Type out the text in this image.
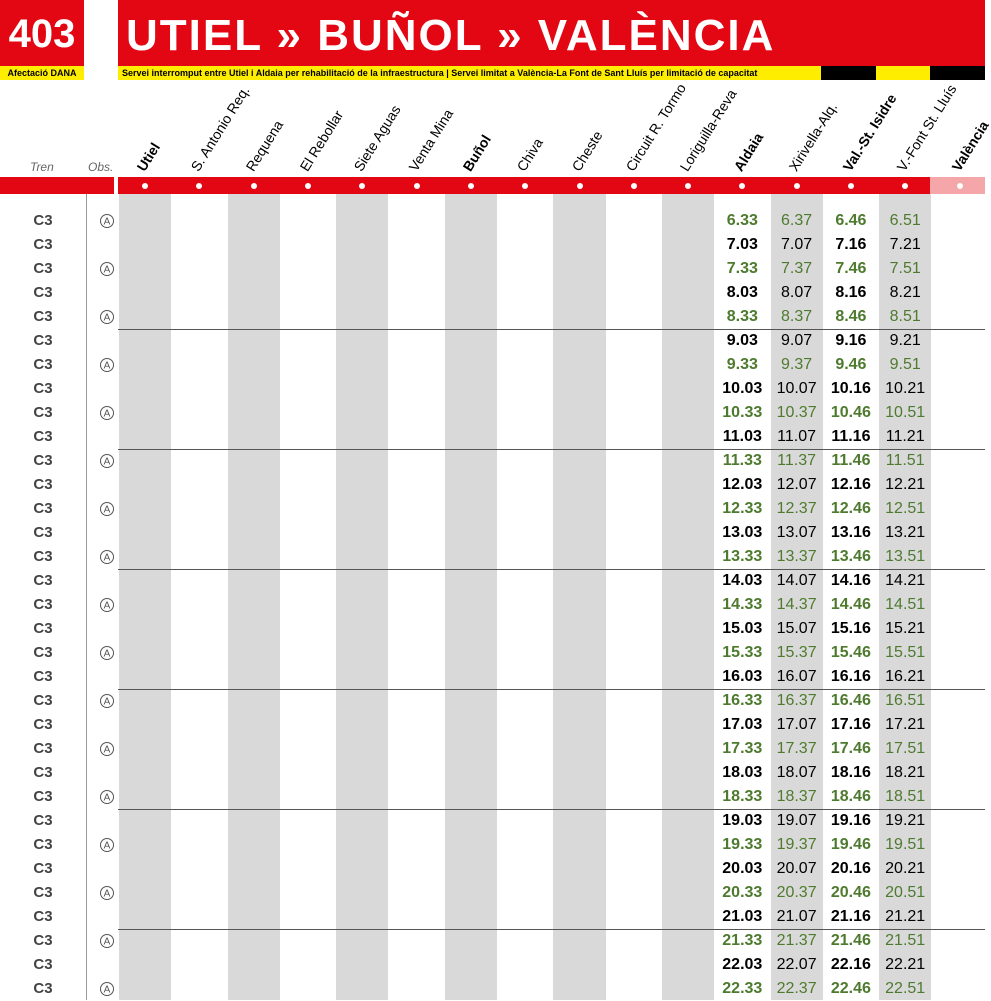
403
Afectació DANA
UTIEL » BUÑOL » VALÈNCIA
Servei interromput entre Utiel i Aldaia per rehabilitació de la infraestructura | Servei limitat a València-La Font de Sant Lluís per limitació de capacitat
Tren	Obs. Utiel S. Antonio Req.
Requena El Rebollar Siete Aguas Venta Mina Buñol Chiva Cheste Circuit R. Tormo
Loriguilla-Reva
Aldaia Xirivella-Alq. Val.-St. Isidre
V.-Font St. Lluís
València
C3	A	6.33	6.37	6.46	6.51
C3	7.03	7.07	7.16	7.21
C3	A	7.33	7.37	7.46	7.51
C3	8.03	8.07	8.16	8.21
C3	A	8.33	8.37	8.46	8.51
C3	9.03	9.07	9.16	9.21
C3	A	9.33	9.37	9.46	9.51
C3	10.03 10.07 10.16 10.21
C3	A	10.33 10.37 10.46 10.51
C3	11.03 11.07 11.16 11.21
C3	A	11.33 11.37 11.46 11.51
C3	12.03 12.07 12.16 12.21
C3	A	12.33 12.37 12.46 12.51
C3	13.03 13.07 13.16 13.21
C3	A	13.33 13.37 13.46 13.51
C3	14.03 14.07 14.16 14.21
C3	A	14.33 14.37 14.46 14.51
C3	15.03 15.07 15.16 15.21
C3	A	15.33 15.37 15.46 15.51
C3	16.03 16.07 16.16 16.21
C3	A	16.33 16.37 16.46 16.51
C3	17.03 17.07 17.16 17.21
C3	A	17.33 17.37 17.46 17.51
C3	18.03 18.07 18.16 18.21
C3	A	18.33 18.37 18.46 18.51
C3	19.03 19.07 19.16 19.21
C3	A	19.33 19.37 19.46 19.51
C3	20.03 20.07 20.16 20.21
C3	A	20.33 20.37 20.46 20.51
C3	21.03 21.07 21.16 21.21
C3	A	21.33 21.37 21.46 21.51
C3	22.03 22.07 22.16 22.21
C3	A	22.33 22.37 22.46 22.51
